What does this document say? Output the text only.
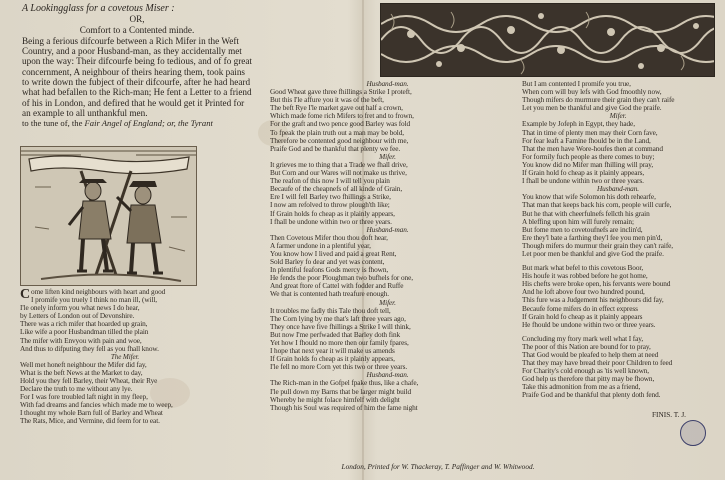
A Lookingglass for a covetous Miser :
OR,
Comfort to a Contented minde.
Being a ferious difcourfe between a Rich Mifer in the Weft Country, and a poor Husband-man, as they accidentally met upon the way: Their difcourfe being fo tedious, and of fo great concernment, A neighbour of theirs hearing them, took pains to write down the fubject of their difcourfe, after he had heard what had befallen to the Rich-man; He fent a Letter to a friend of his in London, and defired that he would get it Printed for an example to all unthankful men.
to the tune of, the Fair Angel of England; or, the Tyrant
C ome liften kind neighbours with heart and good
I promife you truely I think no man ill, (will,
I'le onely inform you what news I do hear,
by Letters of London out of Devonshire.
There was a rich mifer that hoarded up grain,
Like wife a poor Husbandman tilled the plain
The mifer with Envyou with pain and woe,
And thus to difputing they fell as you fhall know.
The Mifer.
Well met honeft neighbour the Mifer did fay,
What is the beft News at the Market to day,
Hold you they fell Barley, their Wheat, their Rye
Declare the truth to me without any lye.
For I was fore troubled laft night in my fleep,
With fad dreams and fancies which made me to weep,
I thought my whole Barn full of Barley and Wheat
The Rats, Mice, and Vermine, did feem for to eat.
Husband-man.
Good Wheat gave three fhillings a Strike I proteft,
But this I'le affure you it was of the beft,
The beft Rye I'le market gave out half a crown,
Which made fome rich Mifers to fret and to frown,
For the graft and two pence good Barley was fold
To fpeak the plain truth out a man may be bold,
Therefore be contented good neighbour with me,
Praife God and be thankful that plenty we fee.
Mifer.
It grieves me to thing that a Trade we fhall drive,
But Corn and our Wares will not make us thrive,
The reafon of this now I will tell you plain
Becaufe of the cheapnefs of all kinde of Grain,
Ere I will fell Barley two fhillings a Strike,
I now am refolved to throw plough'th like;
If Grain holds fo cheap as it plainly appears,
I fhall be undone within two or three years.
Husband-man.
Then Covetous Mifer thou thou doft hear,
A farmer undone in a plentiful year,
You know how I lived and paid a great Rent,
Sold Barley fo dear and yet was content,
In plentiful feafons Gods mercy is fhown,
He fends the poor Ploughman two bufhels for one,
And great ftore of Cattel with fodder and Ruffe
We that is contented hath treafure enough.
Mifer.
It troubles me fadly this Tale thou doft tell,
The Corn lying by me that's laft three years ago,
They once have five fhillings a Strike I will think,
But now I'me perfwaded that Barley doth fink
Yet how I fhould no more then our family fpares,
I hope that next year it will make us amends
If Grain holds fo cheap as it plainly appears,
I'le fell no more Corn yet this two or three years.
Husband-man.
The Rich-man in the Gofpel fpake thus, like a chafe,
I'le pull down my Barns that be larger might build
Whereby he might folace himfelf with delight
Though his Soul was required of him the fame night
But I am contented I promife you true,
When corn will buy lefs with God fmoothly now,
Though mifers do murmure their grain they can't raife
Let you men be thankful and give God the praife.
Mifer.
Example by Jofeph in Egypt, they hade,
That in time of plenty men may their Corn fave,
For fear leaft a Famine fhould be in the Land,
That the men have Wore-houfes then at command
For formily fuch people as there comes to buy;
You know did no Mifer man fhilling will pray,
If Grain hold fo cheap as it plainly appears,
I fhall be undone within two or three years.
Husband-man.
You know that wife Solomon his doth rehearfe,
That man that keeps back his corn, people will curfe,
But he that with cheerfulnefs fellcth his grain
A bleffing upon him will furely remain;
But fome men to covetoufnefs are inclin'd,
Ere they'l bate a farthing they'l fee you men pin'd,
Though mifers do murmur their grain they can't raife,
Let poor men be thankful and give God the praife.
But mark what befel to this covetous Boor,
His houfe it was robbed before he got home,
His chefts were broke open, his fervants were bound
And he loft above four two hundred pound,
This fure was a Judgement his neighbours did fay,
Becaufe fome mifers do in effect express
If Grain hold fo cheap as it plainly appears
He fhould be undone within two or three years.
Concluding my ftory mark well what I fay,
The poor of this Nation are bound for to pray,
That God would be pleafed to help them at need
That they may have bread their poor Children to feed
For Charity's cold enough as 'tis well known,
God help us therefore that pitty may be fhown,
Take this admonition from me as a friend,
Praife God and be thankful that plenty doth fend.
London, Printed for W. Thackeray, T. Paffinger and W. Whitwood.
FINIS. T. J.
